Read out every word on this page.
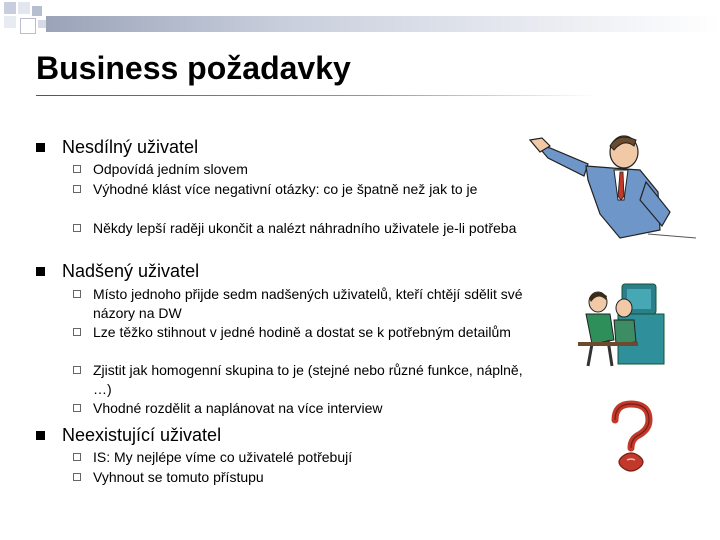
Business požadavky
Nesdílný uživatel
Odpovídá jedním slovem
Výhodné klást více negativní otázky: co je špatně než jak to je
Někdy lepší raději ukončit a nalézt náhradního uživatele je-li potřeba
Nadšený uživatel
Místo jednoho přijde sedm nadšených uživatelů, kteří chtějí sdělit své názory na DW
Lze těžko stihnout v jedné hodině a dostat se k potřebným detailům
Zjistit jak homogenní skupina to je (stejné nebo různé funkce, náplně, …)
Vhodné rozdělit a naplánovat na více interview
Neexistující uživatel
IS: My nejlépe víme co uživatelé potřebují
Vyhnout se tomuto přístupu
